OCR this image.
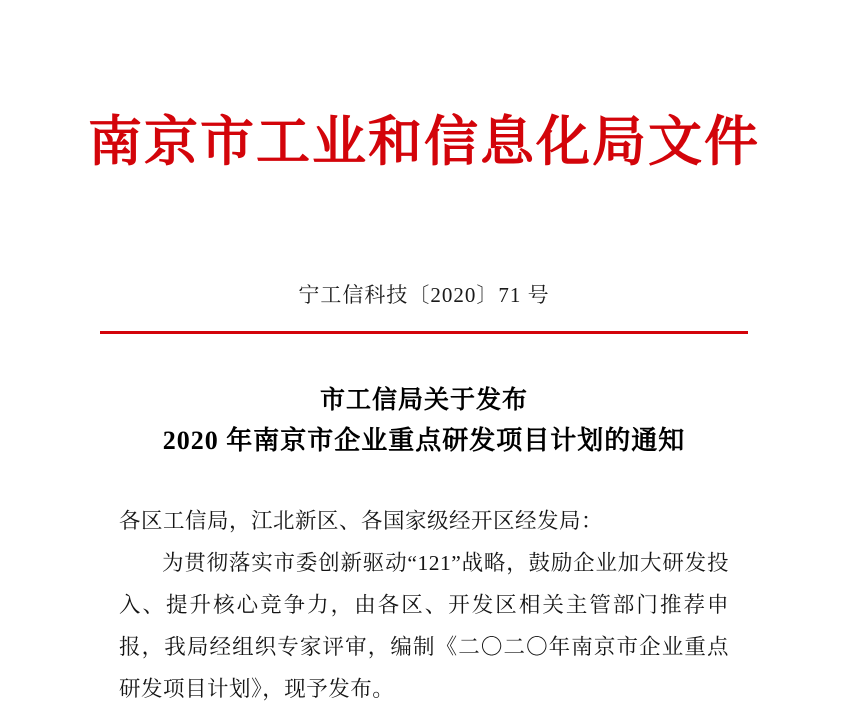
南京市工业和信息化局文件
宁工信科技〔2020〕71 号
市工信局关于发布
2020 年南京市企业重点研发项目计划的通知

各区工信局，江北新区、各国家级经开区经发局：

为贯彻落实市委创新驱动“121”战略，鼓励企业加大研发投入、提升核心竞争力，由各区、开发区相关主管部门推荐申报，我局经组织专家评审，编制《二〇二〇年南京市企业重点研发项目计划》，现予发布。
